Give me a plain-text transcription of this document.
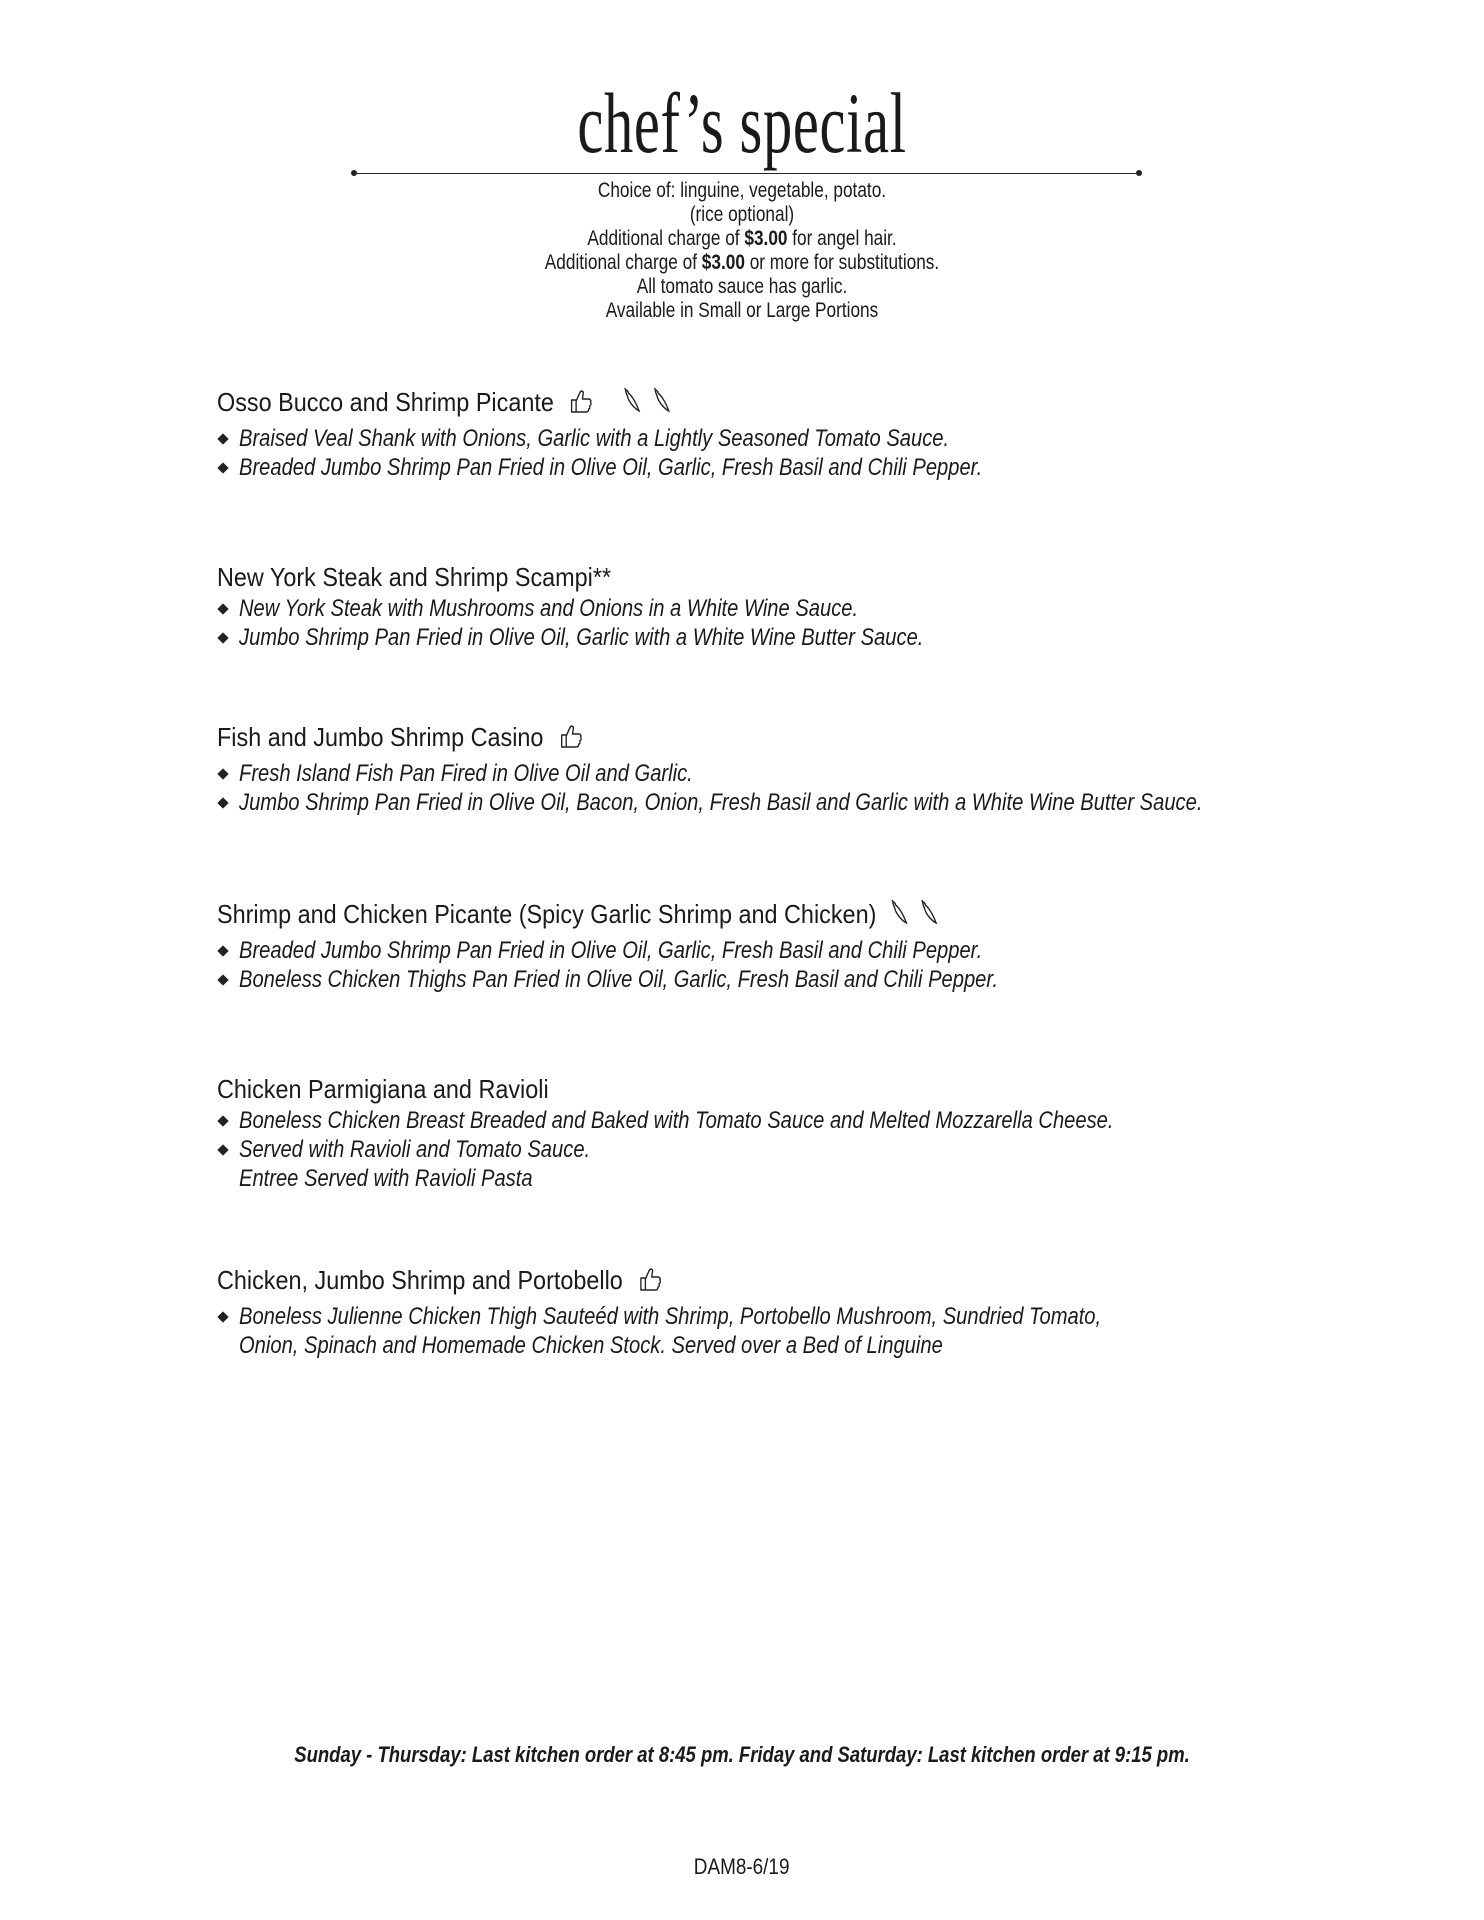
chef’s special
Choice of: linguine, vegetable, potato.
(rice optional)
Additional charge of $3.00 for angel hair.
Additional charge of $3.00 or more for substitutions.
All tomato sauce has garlic.
Available in Small or Large Portions
Osso Bucco and Shrimp Picante
Braised Veal Shank with Onions, Garlic with a Lightly Seasoned Tomato Sauce.
Breaded Jumbo Shrimp Pan Fried in Olive Oil, Garlic, Fresh Basil and Chili Pepper.
New York Steak and Shrimp Scampi**
New York Steak with Mushrooms and Onions in a White Wine Sauce.
Jumbo Shrimp Pan Fried in Olive Oil, Garlic with a White Wine Butter Sauce.
Fish and Jumbo Shrimp Casino
Fresh Island Fish Pan Fired in Olive Oil and Garlic.
Jumbo Shrimp Pan Fried in Olive Oil, Bacon, Onion, Fresh Basil and Garlic with a White Wine Butter Sauce.
Shrimp and Chicken Picante (Spicy Garlic Shrimp and Chicken)
Breaded Jumbo Shrimp Pan Fried in Olive Oil, Garlic, Fresh Basil and Chili Pepper.
Boneless Chicken Thighs Pan Fried in Olive Oil, Garlic, Fresh Basil and Chili Pepper.
Chicken Parmigiana and Ravioli
Boneless Chicken Breast Breaded and Baked with Tomato Sauce and Melted Mozzarella Cheese.
Served with Ravioli and Tomato Sauce.
Entree Served with Ravioli Pasta
Chicken, Jumbo Shrimp and Portobello
Boneless Julienne Chicken Thigh Sauteéd with Shrimp, Portobello Mushroom, Sundried Tomato,
Onion, Spinach and Homemade Chicken Stock. Served over a Bed of Linguine
Sunday - Thursday: Last kitchen order at 8:45 pm. Friday and Saturday: Last kitchen order at 9:15 pm.
DAM8-6/19
